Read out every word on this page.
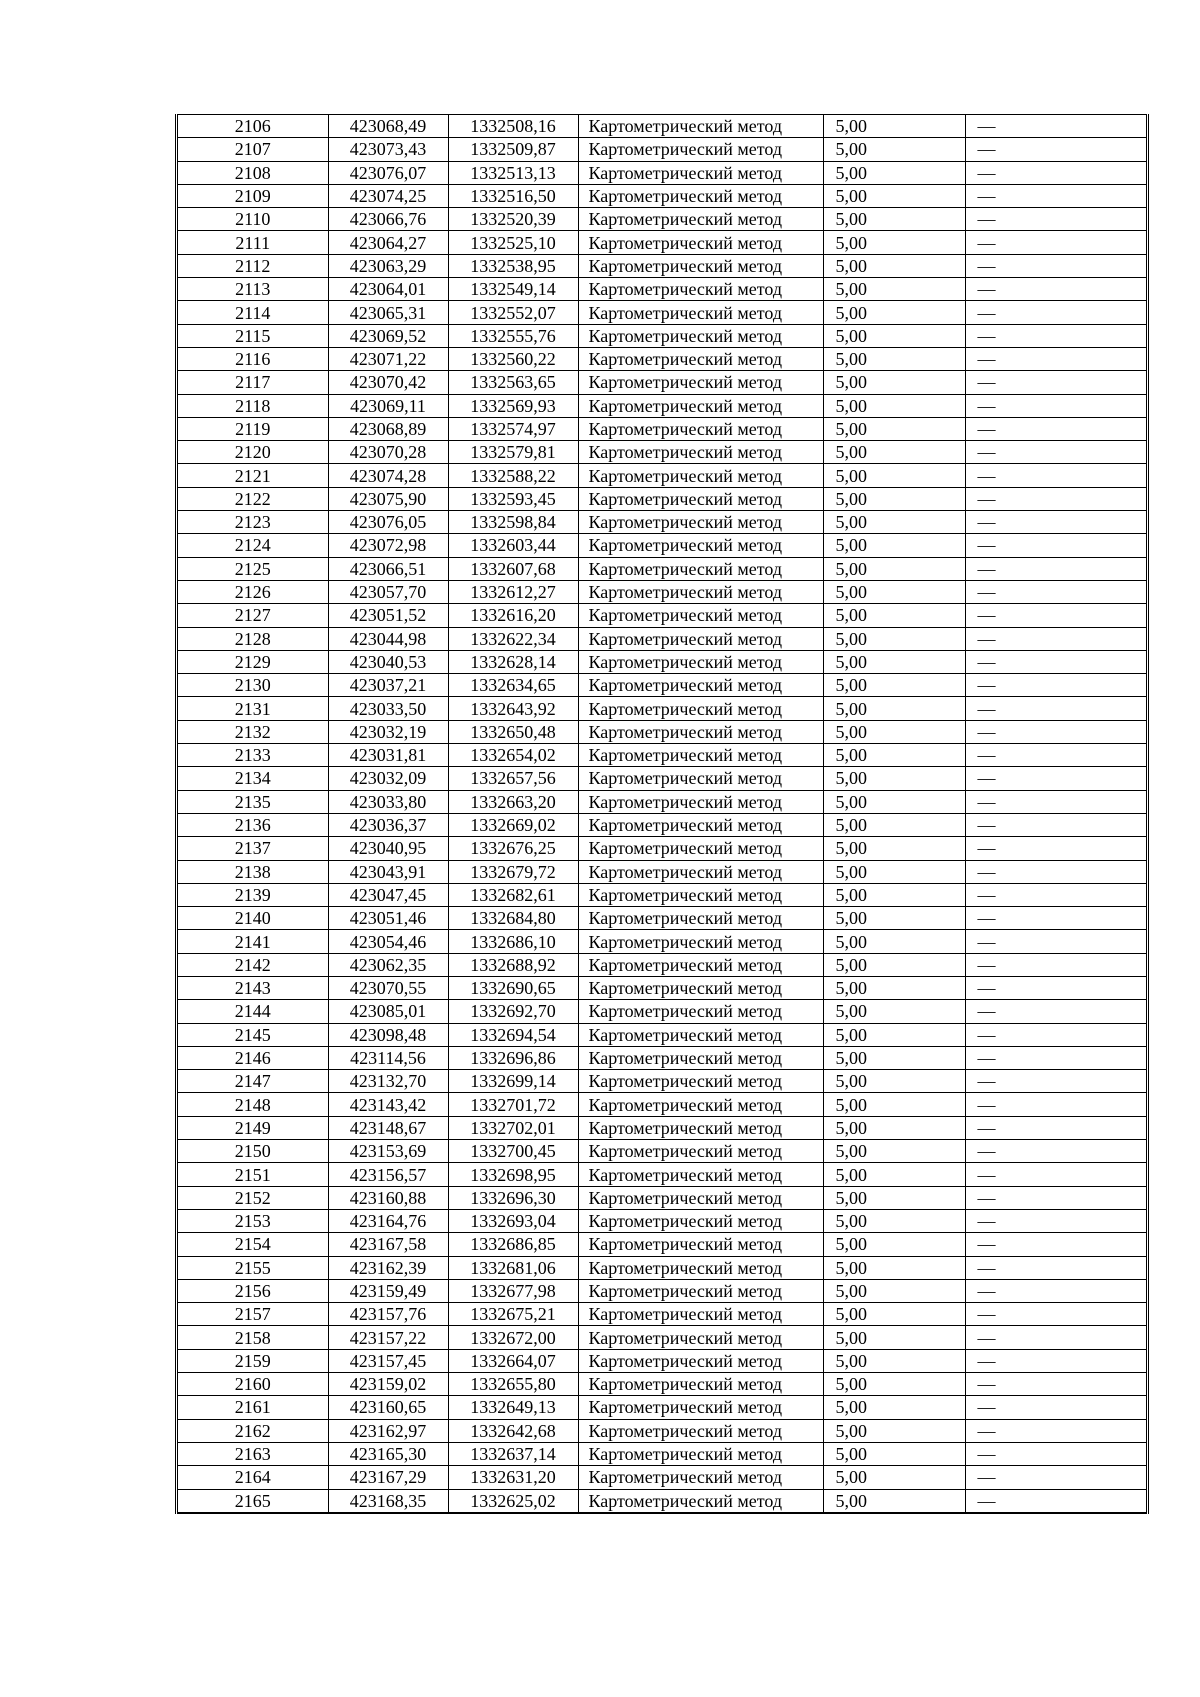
2106	423068,49	1332508,16	Картометрический метод	5,00	—
2107	423073,43	1332509,87	Картометрический метод	5,00	—
2108	423076,07	1332513,13	Картометрический метод	5,00	—
2109	423074,25	1332516,50	Картометрический метод	5,00	—
2110	423066,76	1332520,39	Картометрический метод	5,00	—
2111	423064,27	1332525,10	Картометрический метод	5,00	—
2112	423063,29	1332538,95	Картометрический метод	5,00	—
2113	423064,01	1332549,14	Картометрический метод	5,00	—
2114	423065,31	1332552,07	Картометрический метод	5,00	—
2115	423069,52	1332555,76	Картометрический метод	5,00	—
2116	423071,22	1332560,22	Картометрический метод	5,00	—
2117	423070,42	1332563,65	Картометрический метод	5,00	—
2118	423069,11	1332569,93	Картометрический метод	5,00	—
2119	423068,89	1332574,97	Картометрический метод	5,00	—
2120	423070,28	1332579,81	Картометрический метод	5,00	—
2121	423074,28	1332588,22	Картометрический метод	5,00	—
2122	423075,90	1332593,45	Картометрический метод	5,00	—
2123	423076,05	1332598,84	Картометрический метод	5,00	—
2124	423072,98	1332603,44	Картометрический метод	5,00	—
2125	423066,51	1332607,68	Картометрический метод	5,00	—
2126	423057,70	1332612,27	Картометрический метод	5,00	—
2127	423051,52	1332616,20	Картометрический метод	5,00	—
2128	423044,98	1332622,34	Картометрический метод	5,00	—
2129	423040,53	1332628,14	Картометрический метод	5,00	—
2130	423037,21	1332634,65	Картометрический метод	5,00	—
2131	423033,50	1332643,92	Картометрический метод	5,00	—
2132	423032,19	1332650,48	Картометрический метод	5,00	—
2133	423031,81	1332654,02	Картометрический метод	5,00	—
2134	423032,09	1332657,56	Картометрический метод	5,00	—
2135	423033,80	1332663,20	Картометрический метод	5,00	—
2136	423036,37	1332669,02	Картометрический метод	5,00	—
2137	423040,95	1332676,25	Картометрический метод	5,00	—
2138	423043,91	1332679,72	Картометрический метод	5,00	—
2139	423047,45	1332682,61	Картометрический метод	5,00	—
2140	423051,46	1332684,80	Картометрический метод	5,00	—
2141	423054,46	1332686,10	Картометрический метод	5,00	—
2142	423062,35	1332688,92	Картометрический метод	5,00	—
2143	423070,55	1332690,65	Картометрический метод	5,00	—
2144	423085,01	1332692,70	Картометрический метод	5,00	—
2145	423098,48	1332694,54	Картометрический метод	5,00	—
2146	423114,56	1332696,86	Картометрический метод	5,00	—
2147	423132,70	1332699,14	Картометрический метод	5,00	—
2148	423143,42	1332701,72	Картометрический метод	5,00	—
2149	423148,67	1332702,01	Картометрический метод	5,00	—
2150	423153,69	1332700,45	Картометрический метод	5,00	—
2151	423156,57	1332698,95	Картометрический метод	5,00	—
2152	423160,88	1332696,30	Картометрический метод	5,00	—
2153	423164,76	1332693,04	Картометрический метод	5,00	—
2154	423167,58	1332686,85	Картометрический метод	5,00	—
2155	423162,39	1332681,06	Картометрический метод	5,00	—
2156	423159,49	1332677,98	Картометрический метод	5,00	—
2157	423157,76	1332675,21	Картометрический метод	5,00	—
2158	423157,22	1332672,00	Картометрический метод	5,00	—
2159	423157,45	1332664,07	Картометрический метод	5,00	—
2160	423159,02	1332655,80	Картометрический метод	5,00	—
2161	423160,65	1332649,13	Картометрический метод	5,00	—
2162	423162,97	1332642,68	Картометрический метод	5,00	—
2163	423165,30	1332637,14	Картометрический метод	5,00	—
2164	423167,29	1332631,20	Картометрический метод	5,00	—
2165	423168,35	1332625,02	Картометрический метод	5,00	—
